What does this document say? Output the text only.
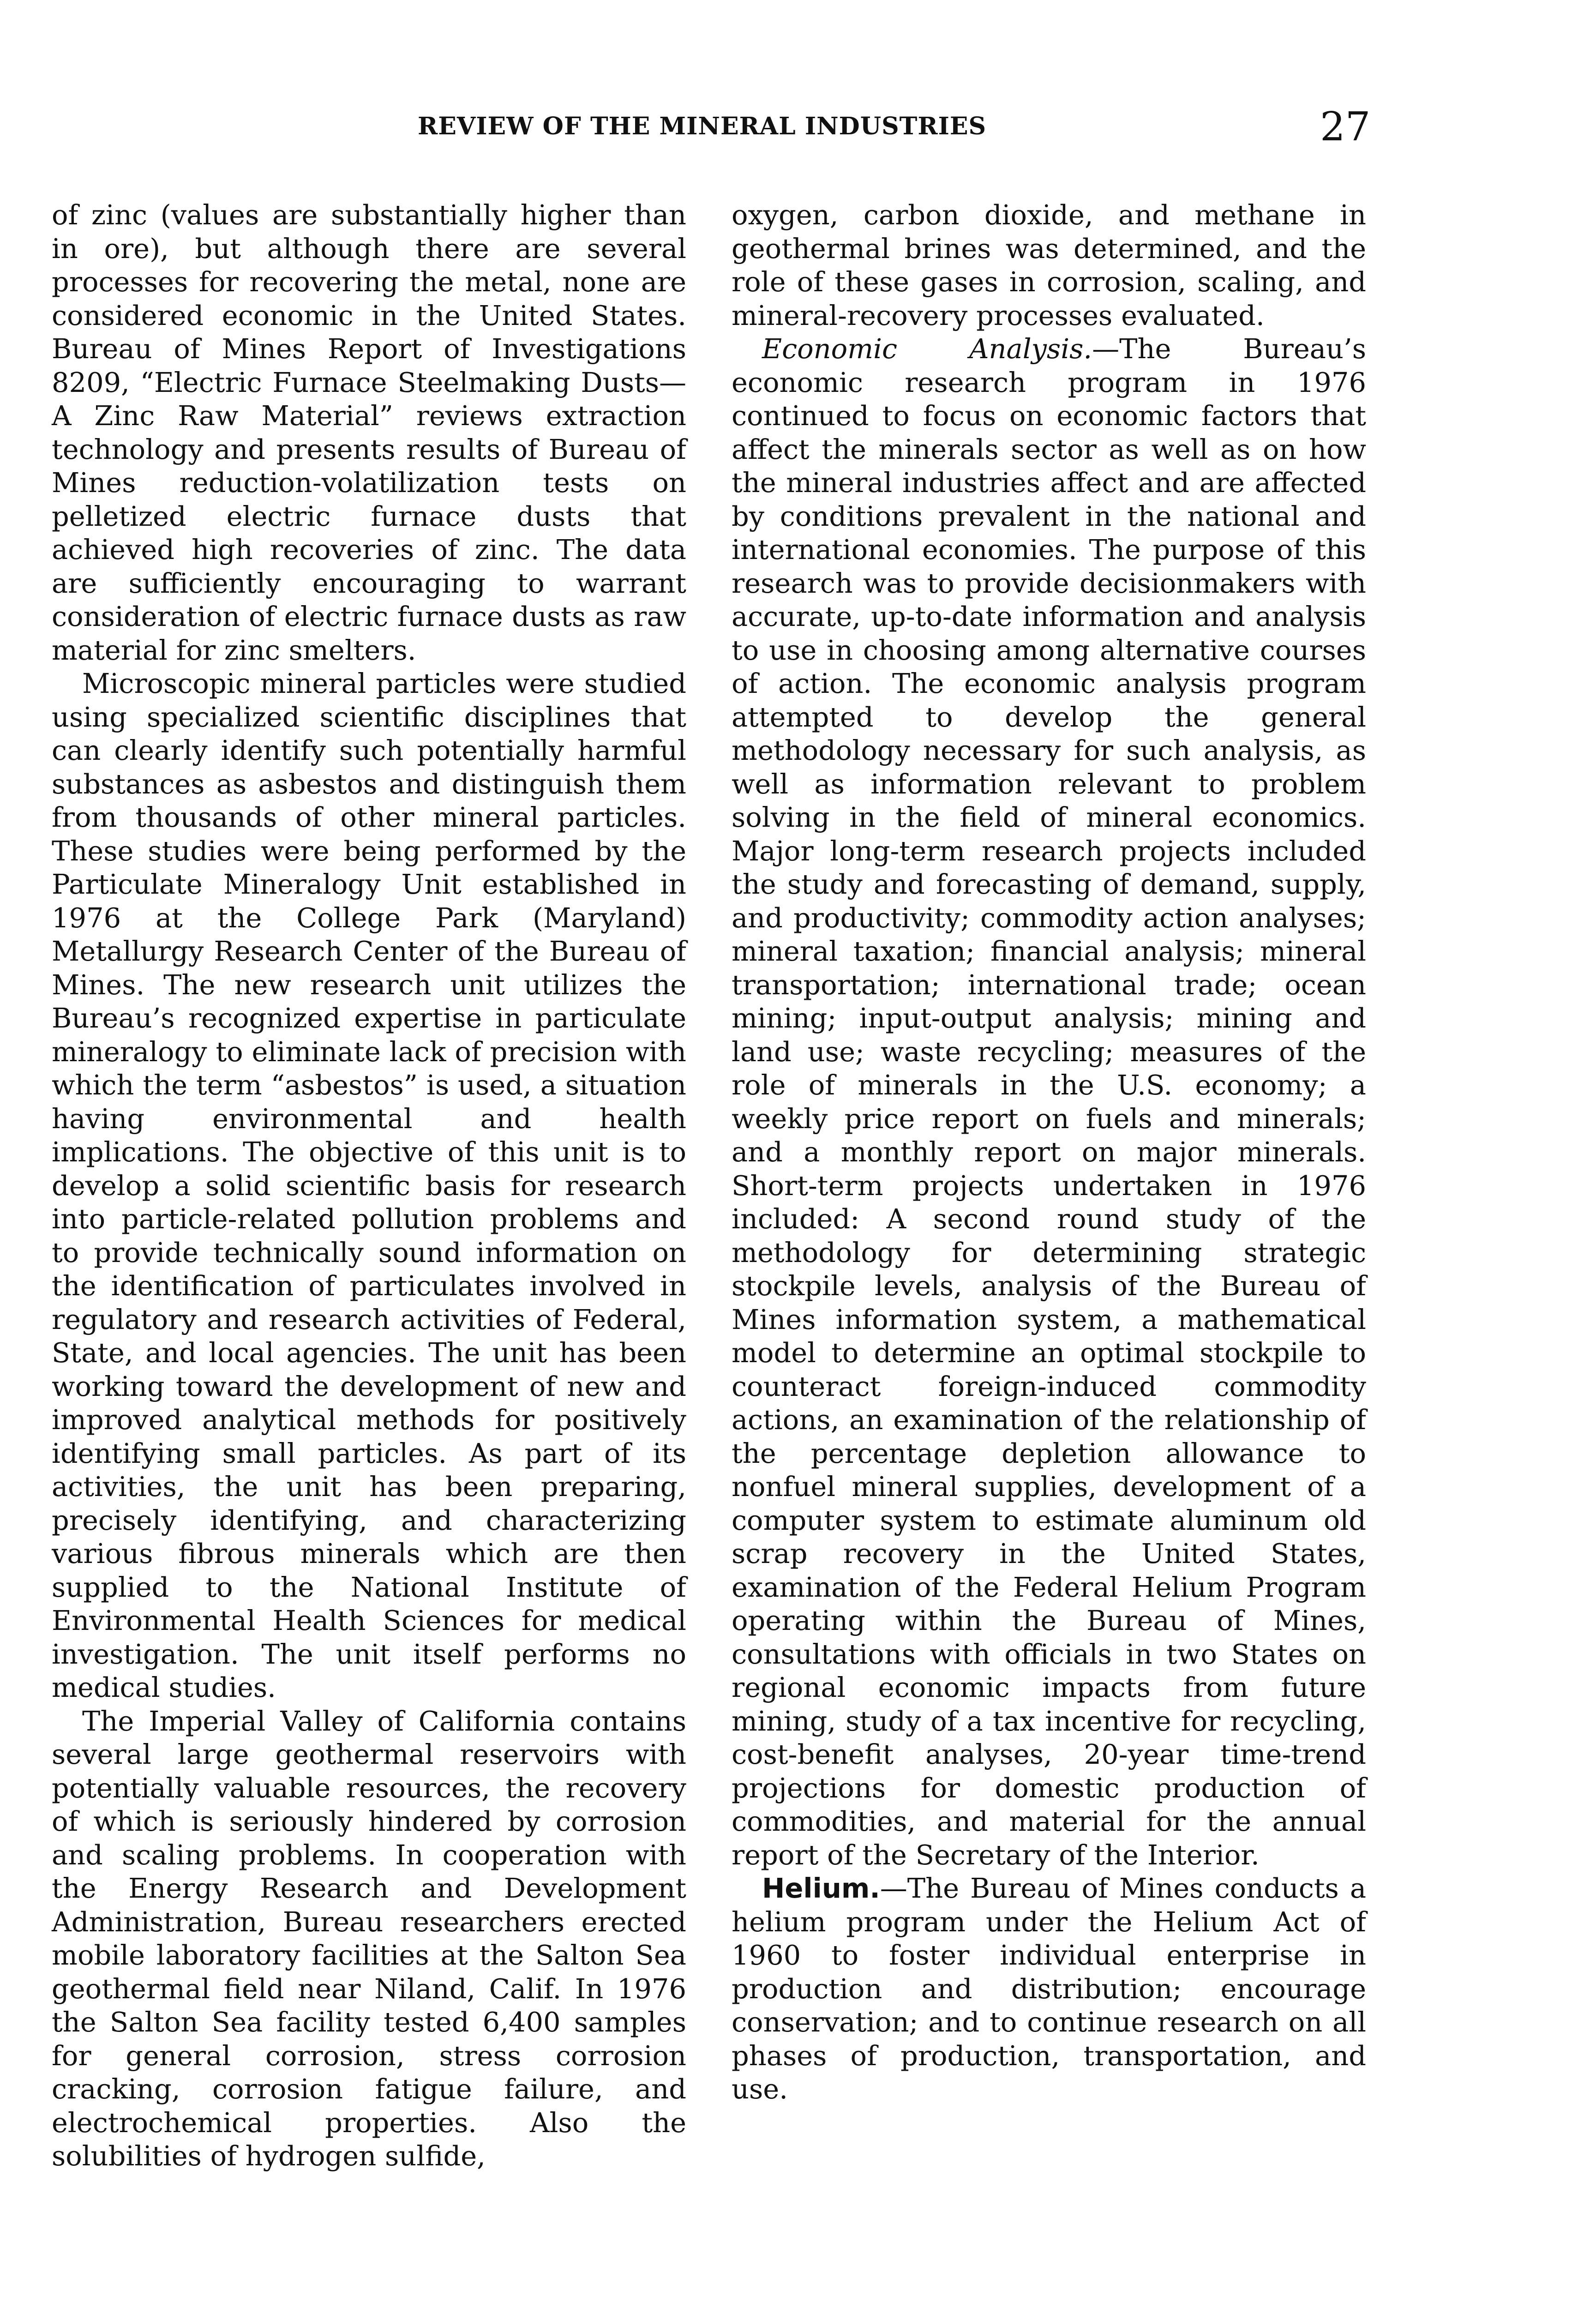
REVIEW OF THE MINERAL INDUSTRIES	27

of zinc (values are substantially higher than in ore), but although there are several processes for recovering the metal, none are considered economic in the United States. Bureau of Mines Report of Investigations 8209, “Electric Furnace Steelmaking Dusts—A Zinc Raw Material” reviews extraction technology and presents results of Bureau of Mines reduction-volatilization tests on pelletized electric furnace dusts that achieved high recoveries of zinc. The data are sufficiently encouraging to warrant consideration of electric furnace dusts as raw material for zinc smelters.

Microscopic mineral particles were studied using specialized scientific disciplines that can clearly identify such potentially harmful substances as asbestos and distinguish them from thousands of other mineral particles. These studies were being performed by the Particulate Mineralogy Unit established in 1976 at the College Park (Maryland) Metallurgy Research Center of the Bureau of Mines. The new research unit utilizes the Bureau’s recognized expertise in particulate mineralogy to eliminate lack of precision with which the term “asbestos” is used, a situation having environmental and health implications. The objective of this unit is to develop a solid scientific basis for research into particle-related pollution problems and to provide technically sound information on the identification of particulates involved in regulatory and research activities of Federal, State, and local agencies. The unit has been working toward the development of new and improved analytical methods for positively identifying small particles. As part of its activities, the unit has been preparing, precisely identifying, and characterizing various fibrous minerals which are then supplied to the National Institute of Environmental Health Sciences for medical investigation. The unit itself performs no medical studies.

The Imperial Valley of California contains several large geothermal reservoirs with potentially valuable resources, the recovery of which is seriously hindered by corrosion and scaling problems. In cooperation with the Energy Research and Development Administration, Bureau researchers erected mobile laboratory facilities at the Salton Sea geothermal field near Niland, Calif. In 1976 the Salton Sea facility tested 6,400 samples for general corrosion, stress corrosion cracking, corrosion fatigue failure, and electrochemical properties. Also the solubilities of hydrogen sulfide,

oxygen, carbon dioxide, and methane in geothermal brines was determined, and the role of these gases in corrosion, scaling, and mineral-recovery processes evaluated.

Economic Analysis.—The Bureau’s economic research program in 1976 continued to focus on economic factors that affect the minerals sector as well as on how the mineral industries affect and are affected by conditions prevalent in the national and international economies. The purpose of this research was to provide decisionmakers with accurate, up-to-date information and analysis to use in choosing among alternative courses of action. The economic analysis program attempted to develop the general methodology necessary for such analysis, as well as information relevant to problem solving in the field of mineral economics. Major long-term research projects included the study and forecasting of demand, supply, and productivity; commodity action analyses; mineral taxation; financial analysis; mineral transportation; international trade; ocean mining; input-output analysis; mining and land use; waste recycling; measures of the role of minerals in the U.S. economy; a weekly price report on fuels and minerals; and a monthly report on major minerals. Short-term projects undertaken in 1976 included: A second round study of the methodology for determining strategic stockpile levels, analysis of the Bureau of Mines information system, a mathematical model to determine an optimal stockpile to counteract foreign-induced commodity actions, an examination of the relationship of the percentage depletion allowance to nonfuel mineral supplies, development of a computer system to estimate aluminum old scrap recovery in the United States, examination of the Federal Helium Program operating within the Bureau of Mines, consultations with officials in two States on regional economic impacts from future mining, study of a tax incentive for recycling, cost-benefit analyses, 20-year time-trend projections for domestic production of commodities, and material for the annual report of the Secretary of the Interior.

Helium.—The Bureau of Mines conducts a helium program under the Helium Act of 1960 to foster individual enterprise in production and distribution; encourage conservation; and to continue research on all phases of production, transportation, and use.
